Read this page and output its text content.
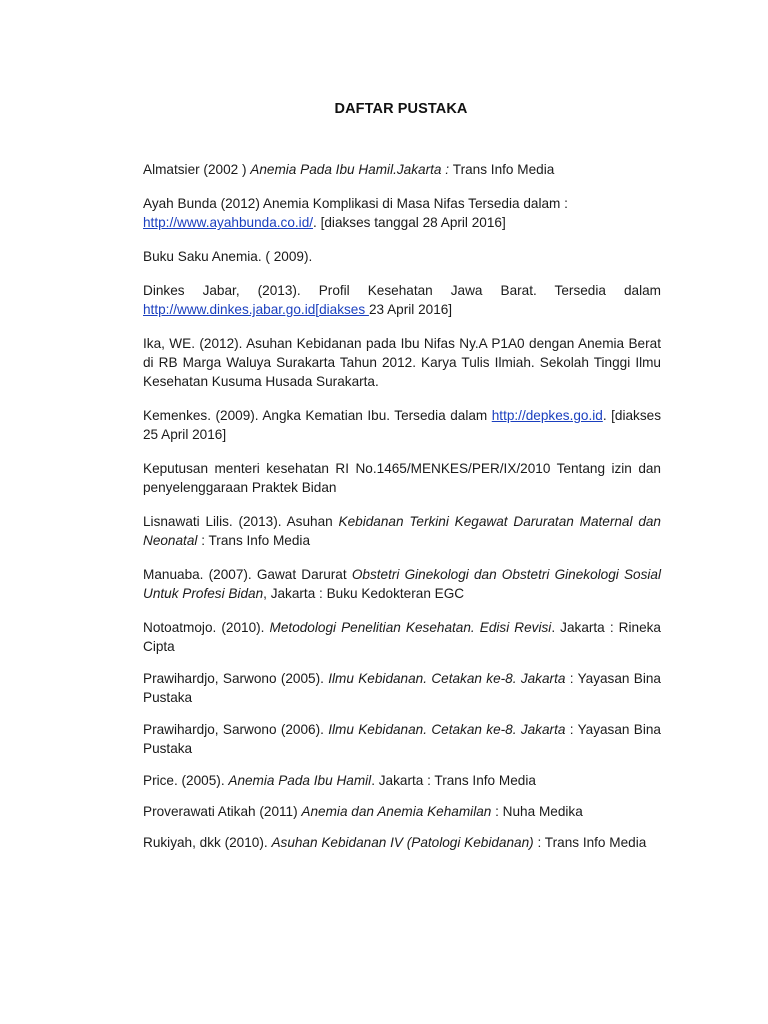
DAFTAR PUSTAKA

Almatsier (2002 ) Anemia Pada Ibu Hamil.Jakarta : Trans Info Media

Ayah Bunda (2012) Anemia Komplikasi di Masa Nifas Tersedia dalam : http://www.ayahbunda.co.id/. [diakses tanggal 28 April 2016]

Buku Saku Anemia. ( 2009).

Dinkes Jabar, (2013). Profil Kesehatan Jawa Barat. Tersedia dalam http://www.dinkes.jabar.go.id[diakses 23 April 2016]

Ika, WE. (2012). Asuhan Kebidanan pada Ibu Nifas Ny.A P1A0 dengan Anemia Berat di RB Marga Waluya Surakarta Tahun 2012. Karya Tulis Ilmiah. Sekolah Tinggi Ilmu Kesehatan Kusuma Husada Surakarta.

Kemenkes. (2009). Angka Kematian Ibu. Tersedia dalam http://depkes.go.id. [diakses 25 April 2016]

Keputusan menteri kesehatan RI No.1465/MENKES/PER/IX/2010 Tentang izin dan penyelenggaraan Praktek Bidan

Lisnawati Lilis. (2013). Asuhan Kebidanan Terkini Kegawat Daruratan Maternal dan Neonatal : Trans Info Media

Manuaba. (2007). Gawat Darurat Obstetri Ginekologi dan Obstetri Ginekologi Sosial Untuk Profesi Bidan, Jakarta : Buku Kedokteran EGC

Notoatmojo. (2010). Metodologi Penelitian Kesehatan. Edisi Revisi. Jakarta : Rineka Cipta

Prawihardjo, Sarwono (2005). Ilmu Kebidanan. Cetakan ke-8. Jakarta : Yayasan Bina Pustaka

Prawihardjo, Sarwono (2006). Ilmu Kebidanan. Cetakan ke-8. Jakarta : Yayasan Bina Pustaka

Price. (2005). Anemia Pada Ibu Hamil. Jakarta : Trans Info Media

Proverawati Atikah (2011) Anemia dan Anemia Kehamilan : Nuha Medika

Rukiyah, dkk (2010). Asuhan Kebidanan IV (Patologi Kebidanan) : Trans Info Media
